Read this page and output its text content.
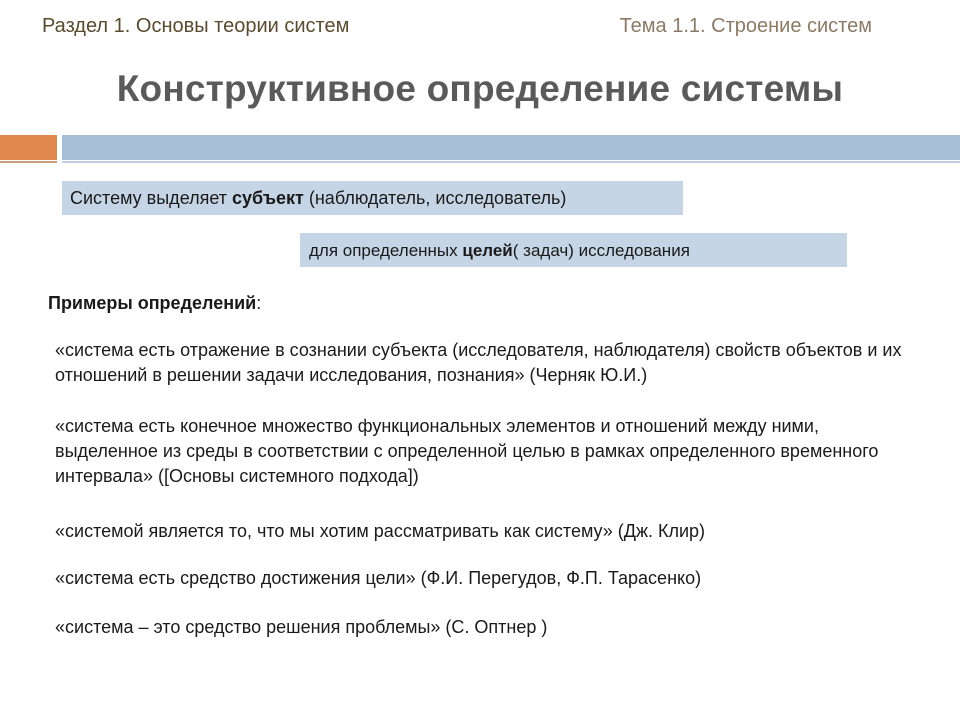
Раздел 1. Основы теории систем	Тема 1.1. Строение систем
Конструктивное определение системы
Систему выделяет субъект (наблюдатель, исследователь)
для определенных целей( задач) исследования
Примеры определений:
«система есть отражение в сознании субъекта (исследователя, наблюдателя) свойств объектов и их отношений в решении задачи исследования, познания» (Черняк Ю.И.)
«система есть конечное множество функциональных элементов и отношений между ними, выделенное из среды в соответствии с определенной целью в рамках определенного временного интервала» ([Основы системного подхода])
«системой является то, что мы хотим рассматривать как систему» (Дж. Клир)
«система есть средство достижения цели» (Ф.И. Перегудов, Ф.П. Тарасенко)
«система – это средство решения проблемы» (С. Оптнер )
